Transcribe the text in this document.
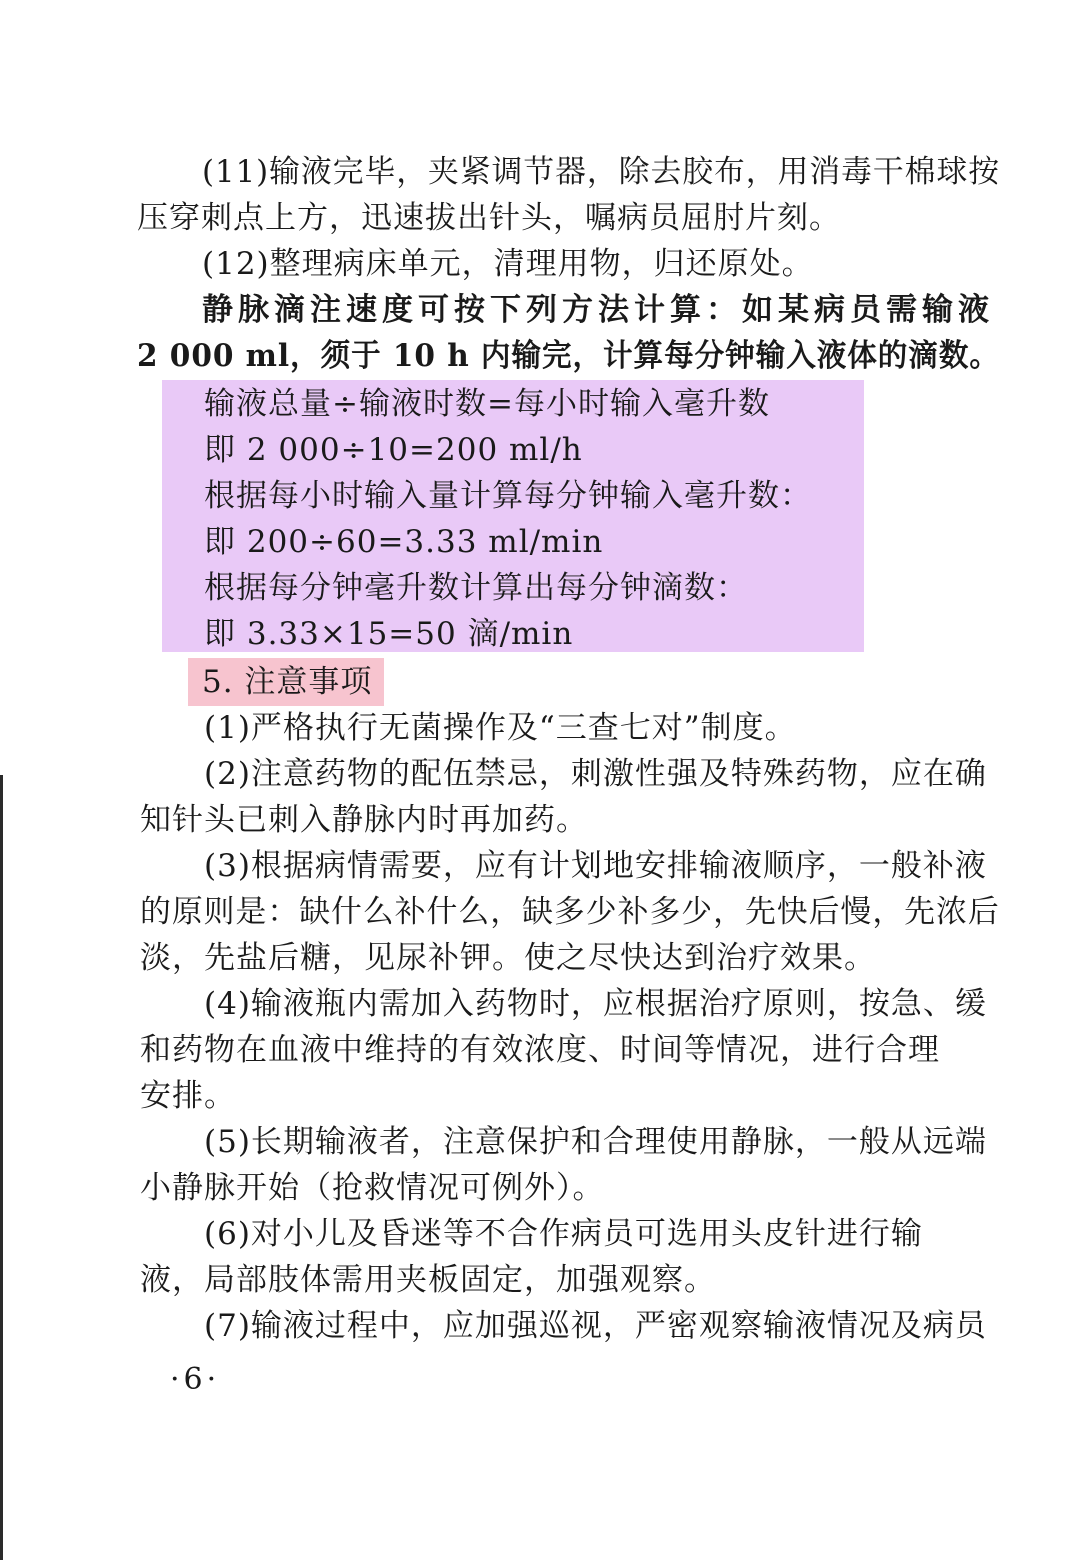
(11)输液完毕，夹紧调节器，除去胶布，用消毒干棉球按
压穿刺点上方，迅速拔出针头，嘱病员屈肘片刻。
(12)整理病床单元，清理用物，归还原处。
静脉滴注速度可按下列方法计算：如某病员需输液
2 000 ml，须于 10 h 内输完，计算每分钟输入液体的滴数。
输液总量÷输液时数=每小时输入毫升数
即 2 000÷10=200 ml/h
根据每小时输入量计算每分钟输入毫升数：
即 200÷60=3.33 ml/min
根据每分钟毫升数计算出每分钟滴数：
即 3.33×15=50 滴/min
5. 注意事项
(1)严格执行无菌操作及“三查七对”制度。
(2)注意药物的配伍禁忌，刺激性强及特殊药物，应在确
知针头已刺入静脉内时再加药。
(3)根据病情需要，应有计划地安排输液顺序，一般补液
的原则是：缺什么补什么，缺多少补多少，先快后慢，先浓后
淡，先盐后糖，见尿补钾。使之尽快达到治疗效果。
(4)输液瓶内需加入药物时，应根据治疗原则，按急、缓
和药物在血液中维持的有效浓度、时间等情况，进行合理
安排。
(5)长期输液者，注意保护和合理使用静脉，一般从远端
小静脉开始（抢救情况可例外）。
(6)对小儿及昏迷等不合作病员可选用头皮针进行输
液，局部肢体需用夹板固定，加强观察。
(7)输液过程中，应加强巡视，严密观察输液情况及病员
·6·
